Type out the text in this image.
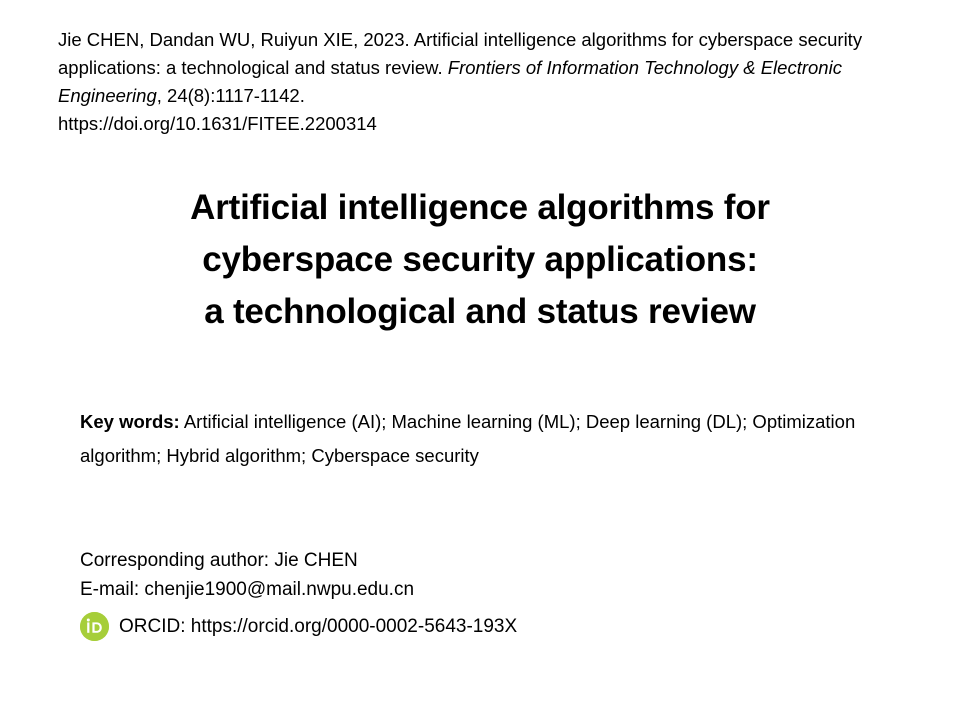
Jie CHEN, Dandan WU, Ruiyun XIE, 2023. Artificial intelligence algorithms for cyberspace security applications: a technological and status review. Frontiers of Information Technology & Electronic Engineering, 24(8):1117-1142.
https://doi.org/10.1631/FITEE.2200314
Artificial intelligence algorithms for
cyberspace security applications:
a technological and status review
Key words: Artificial intelligence (AI); Machine learning (ML); Deep learning (DL); Optimization algorithm; Hybrid algorithm; Cyberspace security
Corresponding author: Jie CHEN
E-mail: chenjie1900@mail.nwpu.edu.cn
ORCID: https://orcid.org/0000-0002-5643-193X
